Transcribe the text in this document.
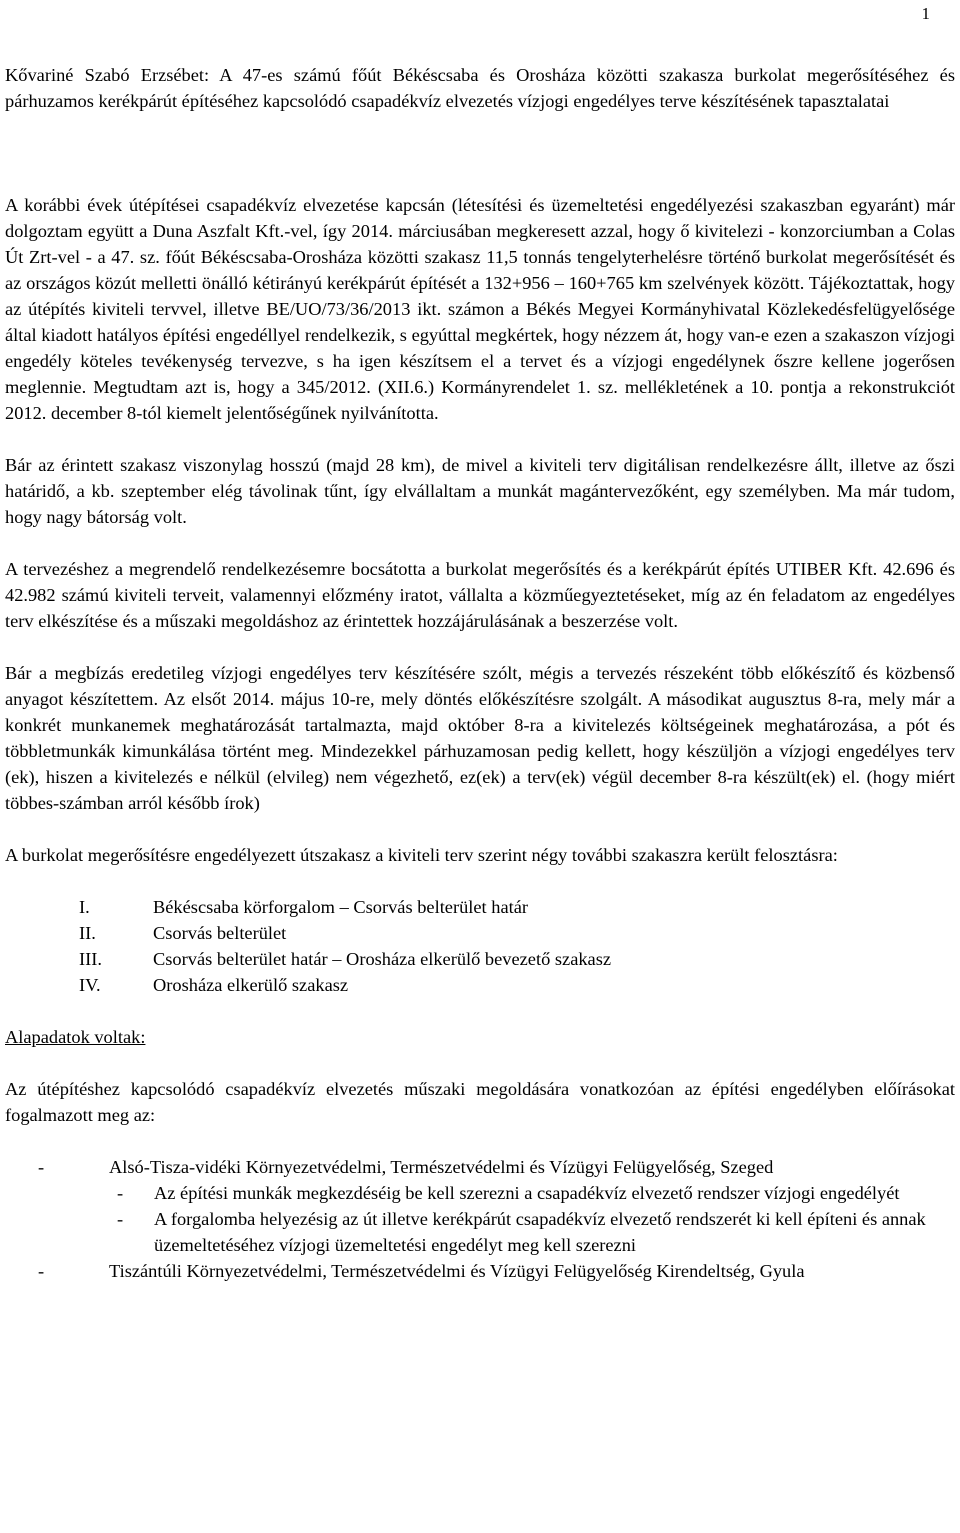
1

Kővariné Szabó Erzsébet: A 47-es számú főút Békéscsaba és Orosháza közötti szakasza burkolat megerősítéséhez és párhuzamos kerékpárút építéséhez kapcsolódó csapadékvíz elvezetés vízjogi engedélyes terve készítésének tapasztalatai

A korábbi évek útépítései csapadékvíz elvezetése kapcsán (létesítési és üzemeltetési engedélyezési szakaszban egyaránt) már dolgoztam együtt a Duna Aszfalt Kft.-vel, így 2014. márciusában megkeresett azzal, hogy ő kivitelezi - konzorciumban a Colas Út Zrt-vel - a 47. sz. főút Békéscsaba-Orosháza közötti szakasz 11,5 tonnás tengelyterhelésre történő burkolat megerősítését és az országos közút melletti önálló kétirányú kerékpárút építését a 132+956 – 160+765 km szelvények között. Tájékoztattak, hogy az útépítés kiviteli tervvel, illetve BE/UO/73/36/2013 ikt. számon a Békés Megyei Kormányhivatal Közlekedésfelügyelősége által kiadott hatályos építési engedéllyel rendelkezik, s egyúttal megkértek, hogy nézzem át, hogy van-e ezen a szakaszon vízjogi engedély köteles tevékenység tervezve, s ha igen készítsem el a tervet és a vízjogi engedélynek őszre kellene jogerősen meglennie. Megtudtam azt is, hogy a 345/2012. (XII.6.) Kormányrendelet 1. sz. mellékletének a 10. pontja a rekonstrukciót 2012. december 8-tól kiemelt jelentőségűnek nyilvánította.

Bár az érintett szakasz viszonylag hosszú (majd 28 km), de mivel a kiviteli terv digitálisan rendelkezésre állt, illetve az őszi határidő, a kb. szeptember elég távolinak tűnt, így elvállaltam a munkát magántervezőként, egy személyben. Ma már tudom, hogy nagy bátorság volt.

A tervezéshez a megrendelő rendelkezésemre bocsátotta a burkolat megerősítés és a kerékpárút építés UTIBER Kft. 42.696 és 42.982 számú kiviteli terveit, valamennyi előzmény iratot, vállalta a közműegyeztetéseket, míg az én feladatom az engedélyes terv elkészítése és a műszaki megoldáshoz az érintettek hozzájárulásának a beszerzése volt.

Bár a megbízás eredetileg vízjogi engedélyes terv készítésére szólt, mégis a tervezés részeként több előkészítő és közbenső anyagot készítettem. Az elsőt 2014. május 10-re, mely döntés előkészítésre szolgált. A másodikat augusztus 8-ra, mely már a konkrét munkanemek meghatározását tartalmazta, majd október 8-ra a kivitelezés költségeinek meghatározása, a pót és többletmunkák kimunkálása történt meg. Mindezekkel párhuzamosan pedig kellett, hogy készüljön a vízjogi engedélyes terv (ek), hiszen a kivitelezés e nélkül (elvileg) nem végezhető, ez(ek) a terv(ek) végül december 8-ra készült(ek) el. (hogy miért többes-számban arról később írok)

A burkolat megerősítésre engedélyezett útszakasz a kiviteli terv szerint négy további szakaszra került felosztásra:

I.	Békéscsaba körforgalom – Csorvás belterület határ
II.	Csorvás belterület
III.	Csorvás belterület határ – Orosháza elkerülő bevezető szakasz
IV.	Orosháza elkerülő szakasz

Alapadatok voltak:

Az útépítéshez kapcsolódó csapadékvíz elvezetés műszaki megoldására vonatkozóan az építési engedélyben előírásokat fogalmazott meg az:

-	Alsó-Tisza-vidéki Környezetvédelmi, Természetvédelmi és Vízügyi Felügyelőség, Szeged
-	Az építési munkák megkezdéséig be kell szerezni a csapadékvíz elvezető rendszer vízjogi engedélyét
-	A forgalomba helyezésig az út illetve kerékpárút csapadékvíz elvezető rendszerét ki kell építeni és annak üzemeltetéséhez vízjogi üzemeltetési engedélyt meg kell szerezni
-	Tiszántúli Környezetvédelmi, Természetvédelmi és Vízügyi Felügyelőség Kirendeltség, Gyula
